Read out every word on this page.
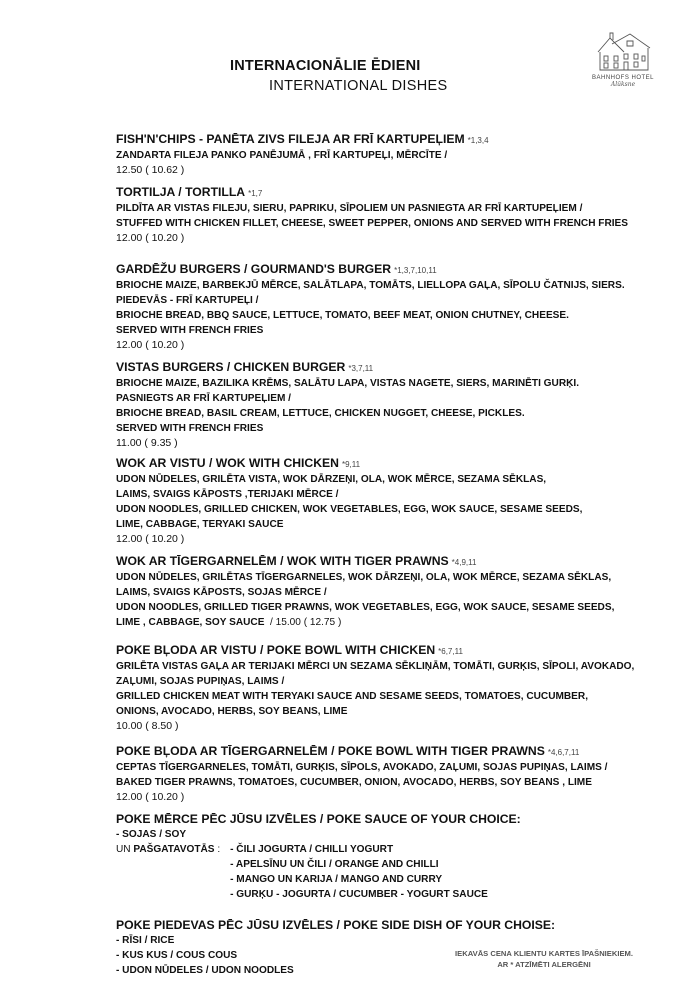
BAHNHOFS HOTEL
Alūksne
INTERNACIONĀLIE ĒDIENI
INTERNATIONAL DISHES
FISH'N'CHIPS - PANĒTA ZIVS FILEJA AR FRĪ KARTUPEĻIEM *1,3,4
ZANDARTA FILEJA PANKO PANĒJUMĀ , FRĪ KARTUPEĻI, MĒRCĪTE /
12.50 ( 10.62 )
TORTILJA / TORTILLA *1,7
PILDĪTA AR VISTAS FILEJU, SIERU, PAPRIKU, SĪPOLIEM UN PASNIEGTA AR FRĪ KARTUPEĻIEM /
STUFFED WITH CHICKEN FILLET, CHEESE, SWEET PEPPER, ONIONS AND SERVED WITH FRENCH FRIES
12.00 ( 10.20 )
GARDĒŽU BURGERS / GOURMAND'S BURGER *1,3,7,10,11
BRIOCHE MAIZE, BARBEKJŪ MĒRCE, SALĀTLAPA, TOMĀTS, LIELLOPA GAĻA, SĪPOLU ČATNIJS, SIERS.
PIEDEVĀS - FRĪ KARTUPEĻI /
BRIOCHE BREAD, BBQ SAUCE, LETTUCE, TOMATO, BEEF MEAT, ONION CHUTNEY, CHEESE.
SERVED WITH FRENCH FRIES
12.00 ( 10.20 )
VISTAS BURGERS / CHICKEN BURGER *3,7,11
BRIOCHE MAIZE, BAZILIKA KRĒMS, SALĀTU LAPA, VISTAS NAGETE, SIERS, MARINĒTI GURĶI.
PASNIEGTS AR FRĪ KARTUPEĻIEM /
BRIOCHE BREAD, BASIL CREAM, LETTUCE, CHICKEN NUGGET, CHEESE, PICKLES.
SERVED WITH FRENCH FRIES
11.00 ( 9.35 )
WOK AR VISTU / WOK WITH CHICKEN *9,11
UDON NŪDELES, GRILĒTA VISTA, WOK DĀRZEŅI, OLA, WOK MĒRCE, SEZAMA SĒKLAS,
LAIMS, SVAIGS KĀPOSTS ,TERIJAKI MĒRCE /
UDON NOODLES, GRILLED CHICKEN, WOK VEGETABLES, EGG, WOK SAUCE, SESAME SEEDS,
LIME, CABBAGE, TERYAKI SAUCE
12.00 ( 10.20 )
WOK AR TĪGERGARNELĒM / WOK WITH TIGER PRAWNS *4,9,11
UDON NŪDELES, GRILĒTAS TĪGERGARNELES, WOK DĀRZEŅI, OLA, WOK MĒRCE, SEZAMA SĒKLAS,
LAIMS, SVAIGS KĀPOSTS, SOJAS MĒRCE /
UDON NOODLES, GRILLED TIGER PRAWNS, WOK VEGETABLES, EGG, WOK SAUCE, SESAME SEEDS,
LIME , CABBAGE, SOY SAUCE / 15.00 ( 12.75 )
POKE BĻODA AR VISTU / POKE BOWL WITH CHICKEN *6,7,11
GRILĒTA VISTAS GAĻA AR TERIJAKI MĒRCI UN SEZAMA SĒKLIŅĀM, TOMĀTI, GURĶIS, SĪPOLI, AVOKADO,
ZAĻUMI, SOJAS PUPIŅAS, LAIMS /
GRILLED CHICKEN MEAT WITH TERYAKI SAUCE AND SESAME SEEDS, TOMATOES, CUCUMBER,
ONIONS, AVOCADO, HERBS, SOY BEANS, LIME
10.00 ( 8.50 )
POKE BĻODA AR TĪGERGARNELĒM / POKE BOWL WITH TIGER PRAWNS *4,6,7,11
CEPTAS TĪGERGARNELES, TOMĀTI, GURĶIS, SĪPOLS, AVOKADO, ZAĻUMI, SOJAS PUPIŅAS, LAIMS /
BAKED TIGER PRAWNS, TOMATOES, CUCUMBER, ONION, AVOCADO, HERBS, SOY BEANS , LIME
12.00 ( 10.20 )
POKE MĒRCE PĒC JŪSU IZVĒLES / POKE SAUCE OF YOUR CHOICE:
- SOJAS / SOY
UN PAŠGATAVOTĀS : - ČILI JOGURTA / CHILLI YOGURT
- APELSĪNU UN ČILI / ORANGE AND CHILLI
- MANGO UN KARIJA / MANGO AND CURRY
- GURĶU - JOGURTA / CUCUMBER - YOGURT SAUCE
POKE PIEDEVAS PĒC JŪSU IZVĒLES / POKE SIDE DISH OF YOUR CHOISE:
- RĪSI / RICE
- KUS KUS / COUS COUS
- UDON NŪDELES / UDON NOODLES
IEKAVĀS CENA KLIENTU KARTES ĪPAŠNIEKIEM.
AR * ATZĪMĒTI ALERGĒNI
